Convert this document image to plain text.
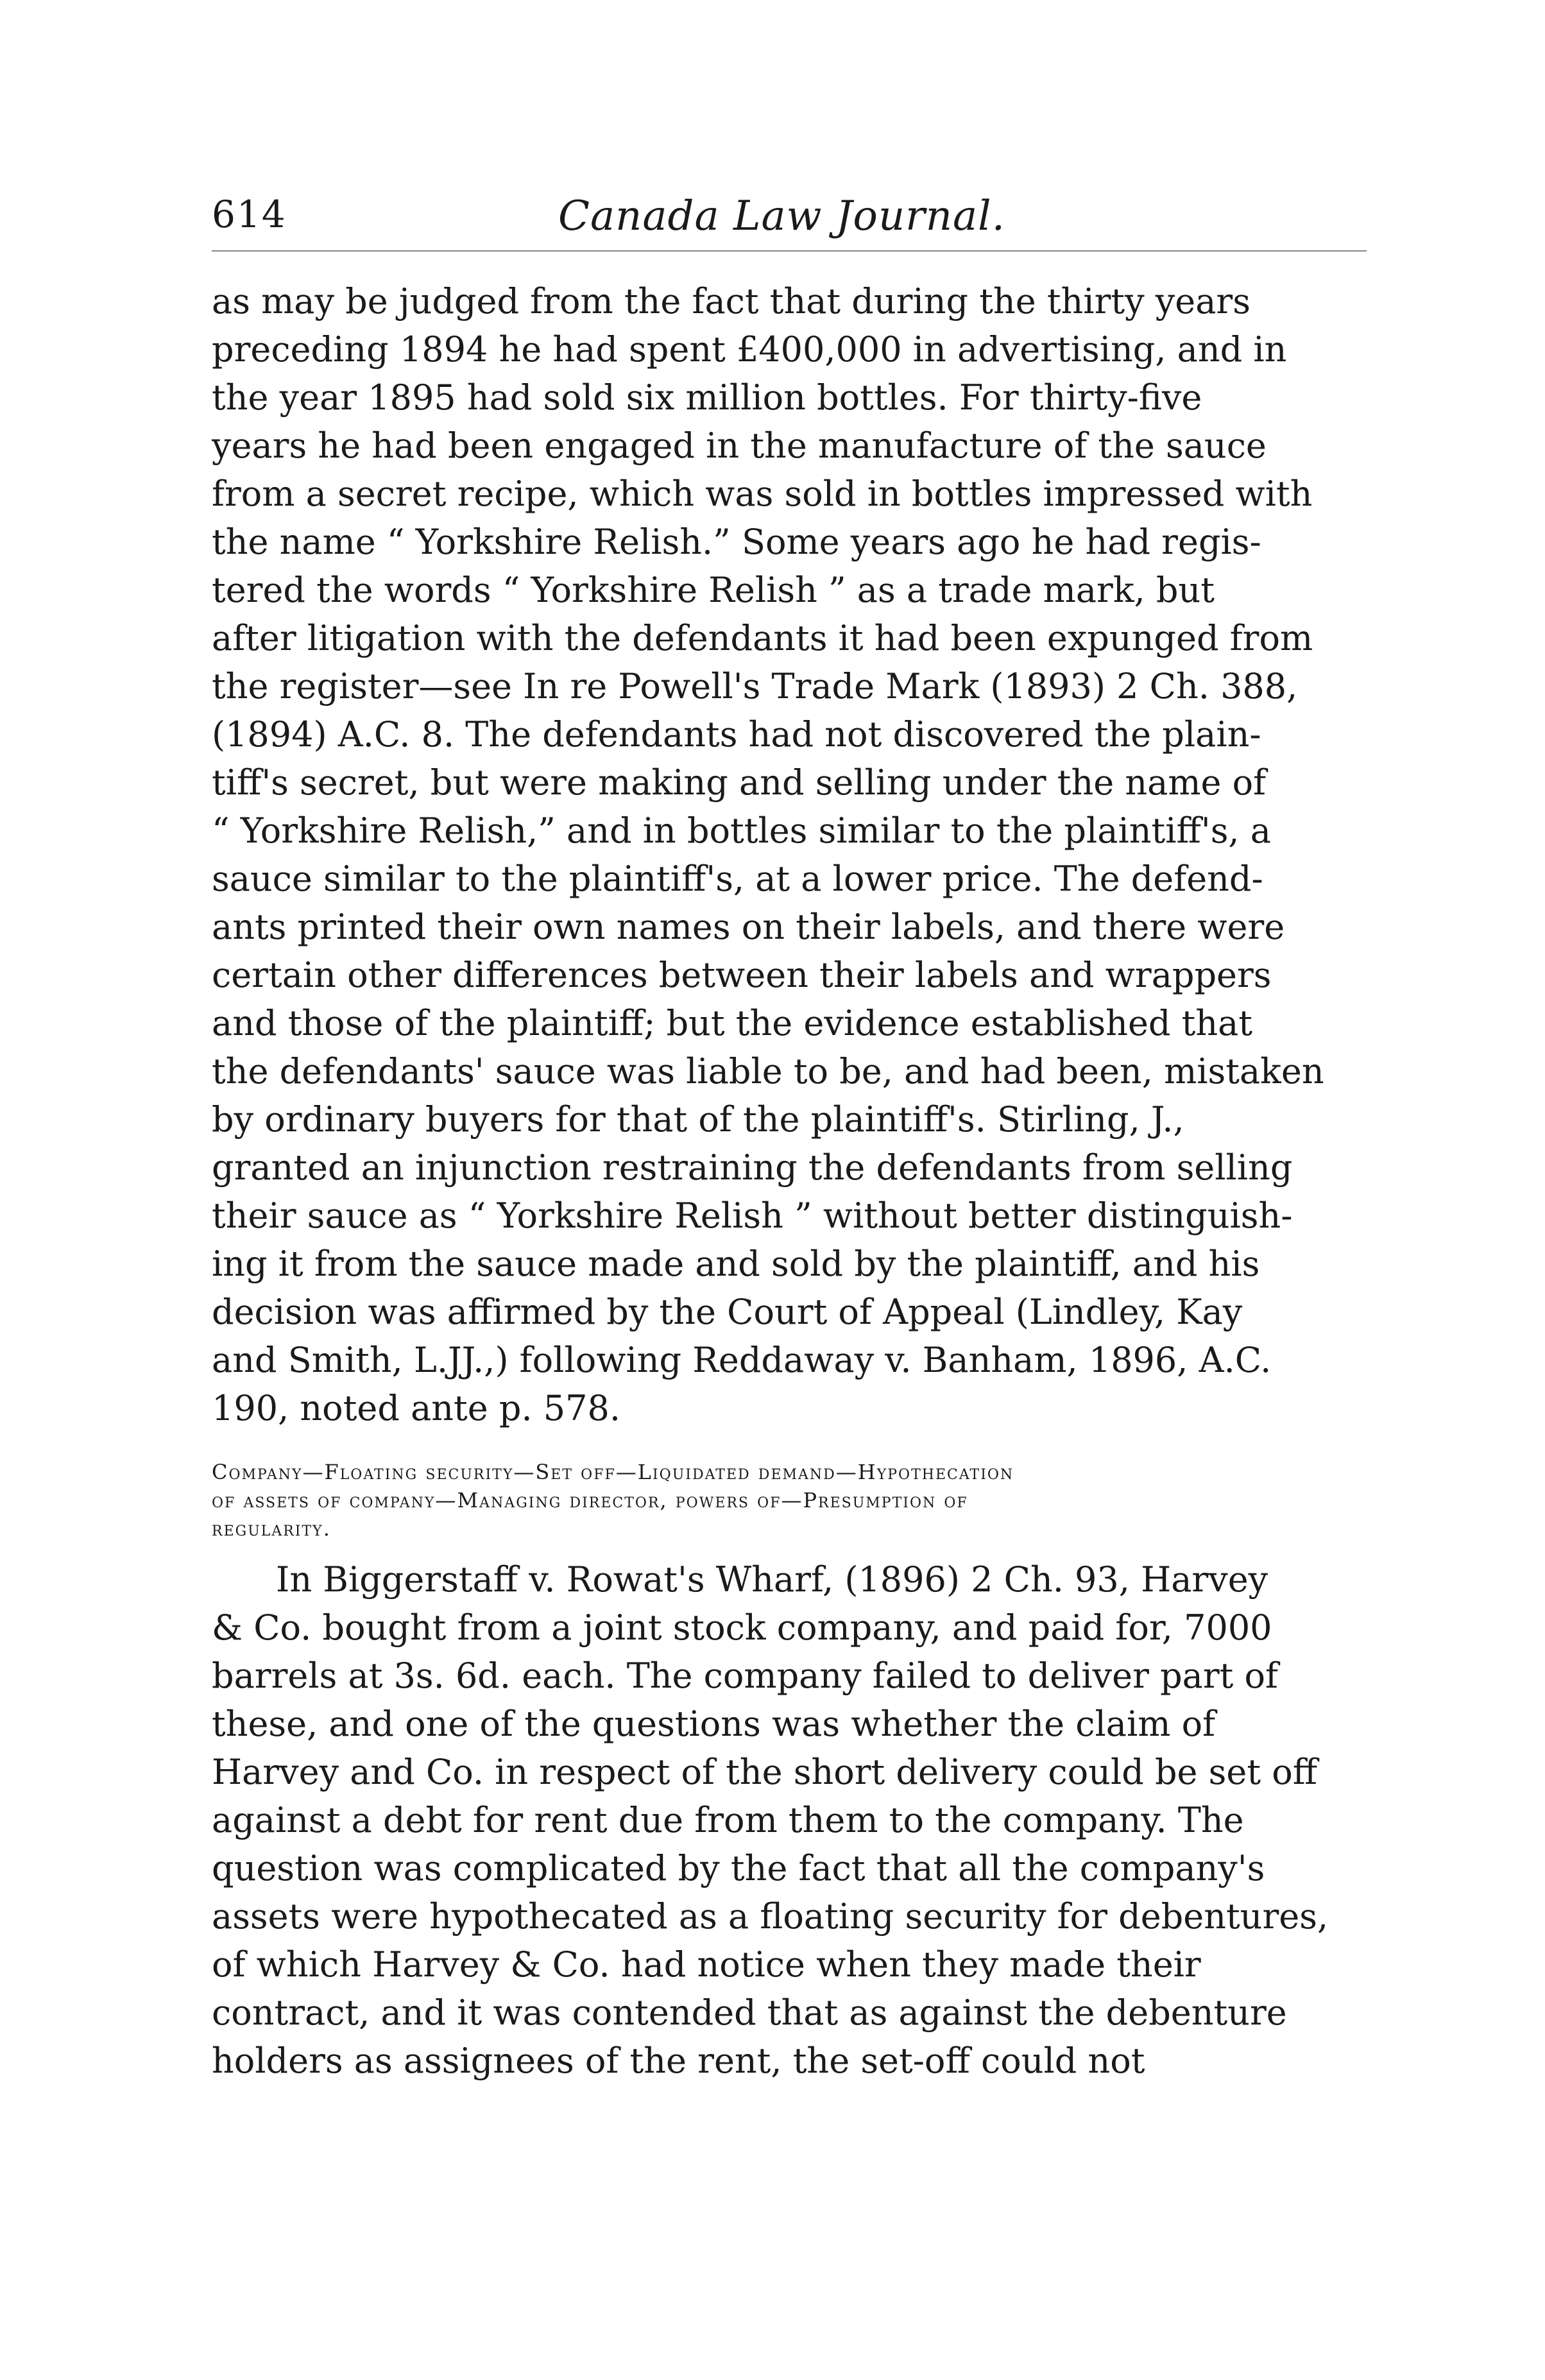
614	Canada Law Journal.
as may be judged from the fact that during the thirty years
preceding 1894 he had spent £400,000 in advertising, and in
the year 1895 had sold six million bottles. For thirty-five
years he had been engaged in the manufacture of the sauce
from a secret recipe, which was sold in bottles impressed with
the name “ Yorkshire Relish.” Some years ago he had regis-
tered the words “ Yorkshire Relish ” as a trade mark, but
after litigation with the defendants it had been expunged from
the register—see In re Powell's Trade Mark (1893) 2 Ch. 388,
(1894) A.C. 8. The defendants had not discovered the plain-
tiff's secret, but were making and selling under the name of
“ Yorkshire Relish,” and in bottles similar to the plaintiff's, a
sauce similar to the plaintiff's, at a lower price. The defend-
ants printed their own names on their labels, and there were
certain other differences between their labels and wrappers
and those of the plaintiff; but the evidence established that
the defendants' sauce was liable to be, and had been, mistaken
by ordinary buyers for that of the plaintiff's. Stirling, J.,
granted an injunction restraining the defendants from selling
their sauce as “ Yorkshire Relish ” without better distinguish-
ing it from the sauce made and sold by the plaintiff, and his
decision was affirmed by the Court of Appeal (Lindley, Kay
and Smith, L.JJ.,) following Reddaway v. Banham, 1896, A.C.
190, noted ante p. 578.
Company—Floating security—Set off—Liquidated demand—Hypothecation
of assets of company—Managing director, powers of—Presumption of
regularity.
In Biggerstaff v. Rowat's Wharf, (1896) 2 Ch. 93, Harvey
& Co. bought from a joint stock company, and paid for, 7000
barrels at 3s. 6d. each. The company failed to deliver part of
these, and one of the questions was whether the claim of
Harvey and Co. in respect of the short delivery could be set off
against a debt for rent due from them to the company. The
question was complicated by the fact that all the company's
assets were hypothecated as a floating security for debentures,
of which Harvey & Co. had notice when they made their
contract, and it was contended that as against the debenture
holders as assignees of the rent, the set-off could not
